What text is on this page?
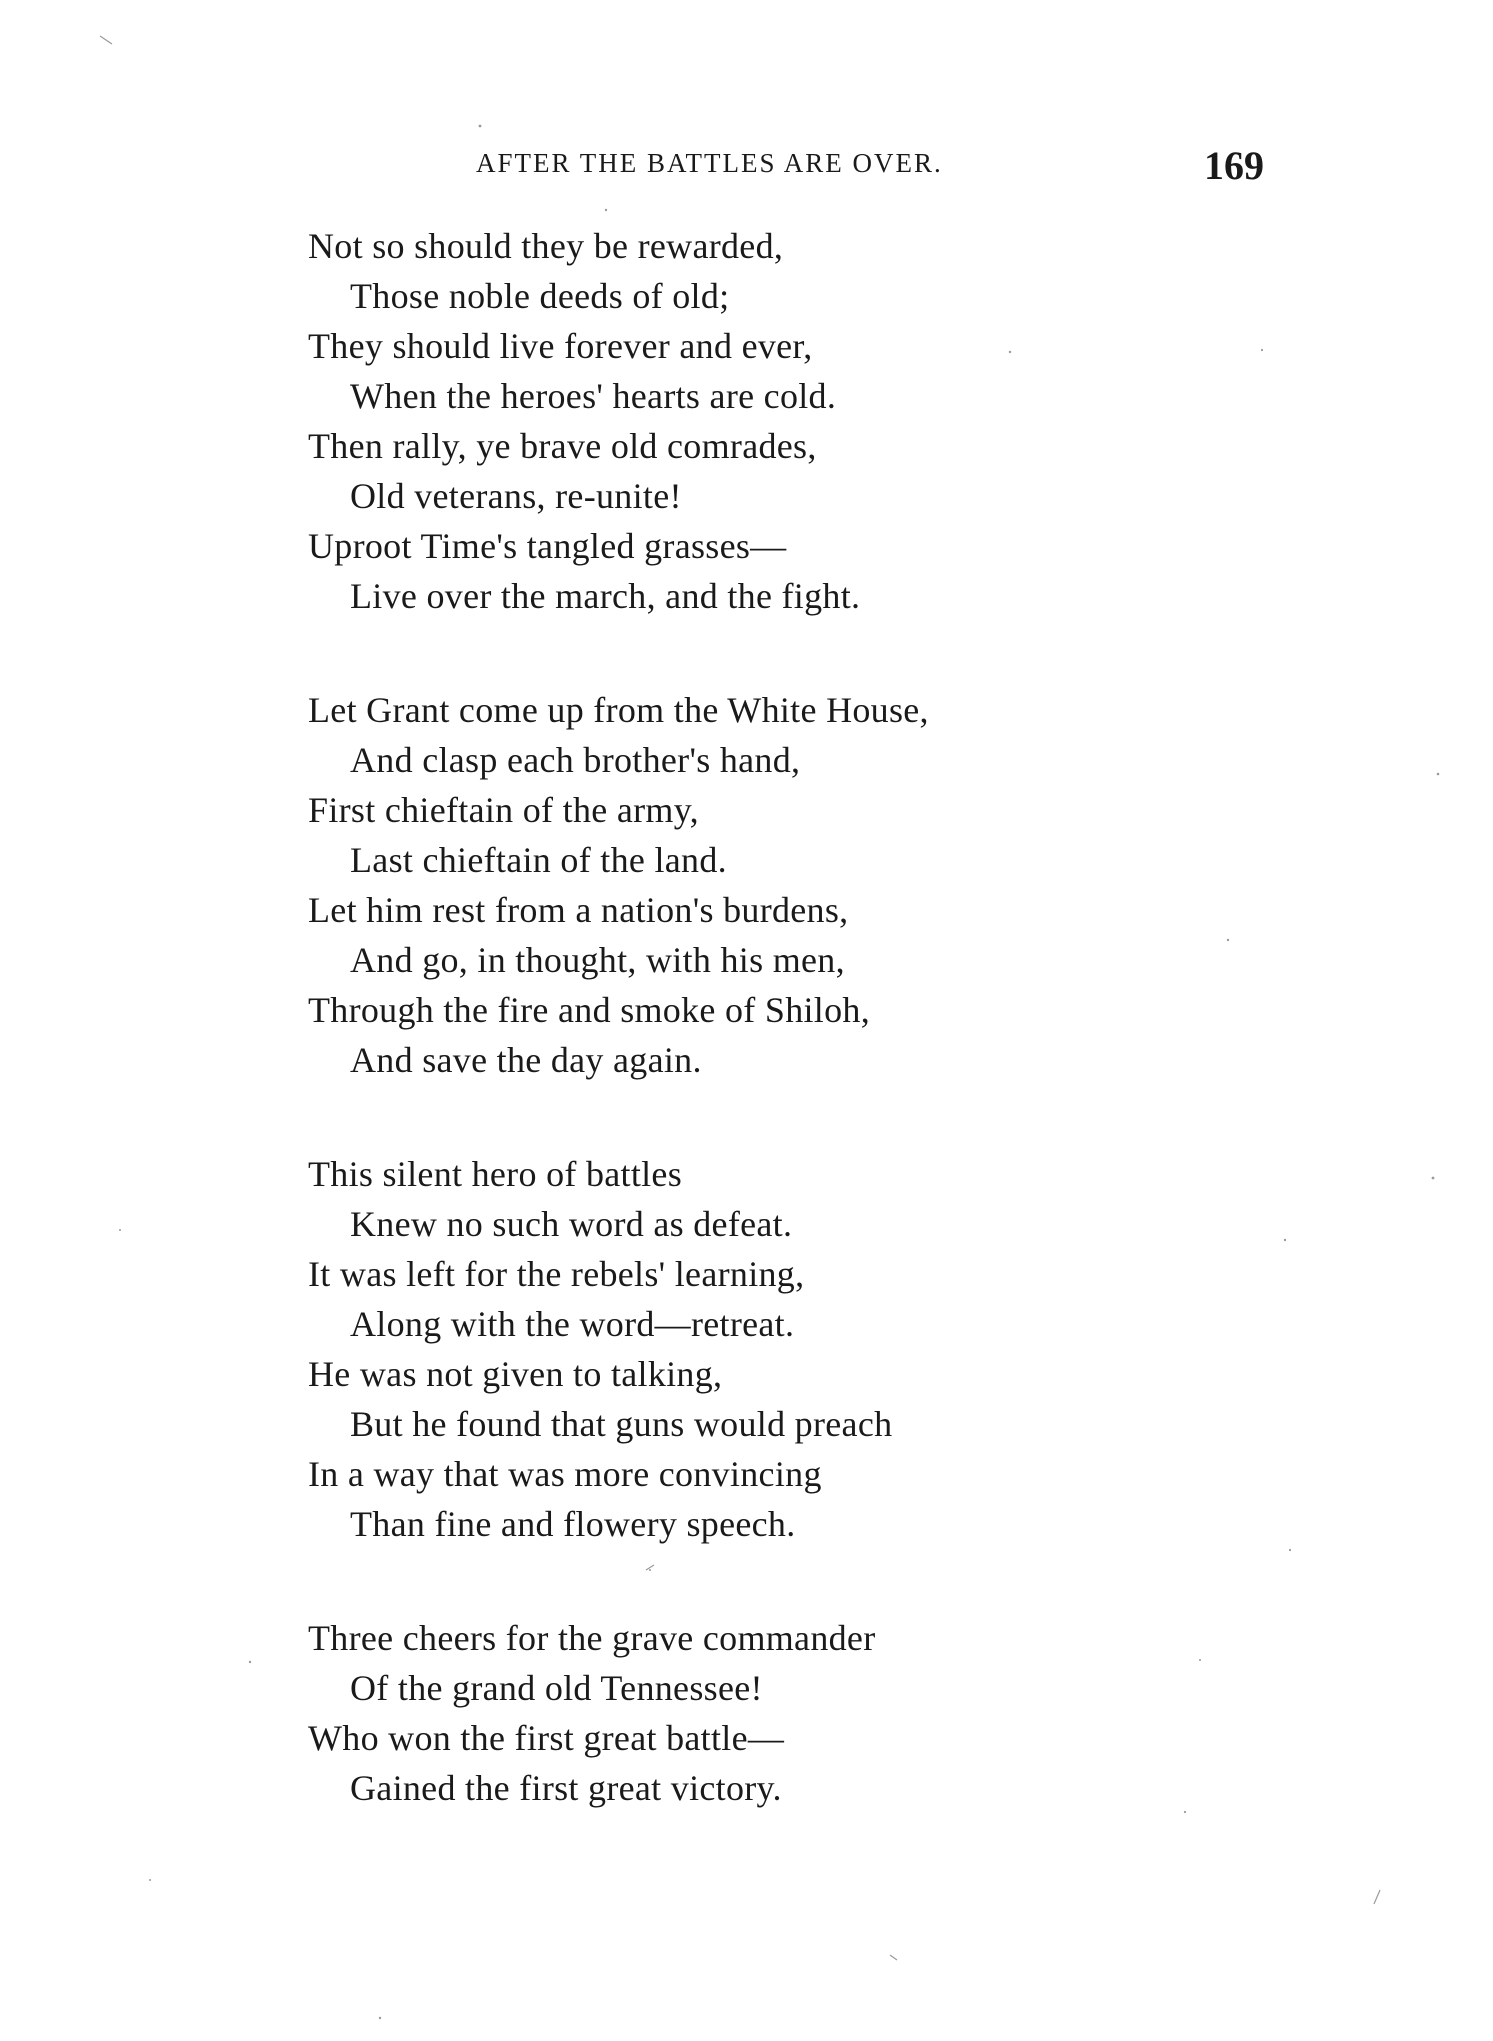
AFTER THE BATTLES ARE OVER.	169
Not so should they be rewarded,
Those noble deeds of old;
They should live forever and ever,
When the heroes' hearts are cold.
Then rally, ye brave old comrades,
Old veterans, re-unite!
Uproot Time's tangled grasses—
Live over the march, and the fight.
Let Grant come up from the White House,
And clasp each brother's hand,
First chieftain of the army,
Last chieftain of the land.
Let him rest from a nation's burdens,
And go, in thought, with his men,
Through the fire and smoke of Shiloh,
And save the day again.
This silent hero of battles
Knew no such word as defeat.
It was left for the rebels' learning,
Along with the word—retreat.
He was not given to talking,
But he found that guns would preach
In a way that was more convincing
Than fine and flowery speech.
Three cheers for the grave commander
Of the grand old Tennessee!
Who won the first great battle—
Gained the first great victory.
